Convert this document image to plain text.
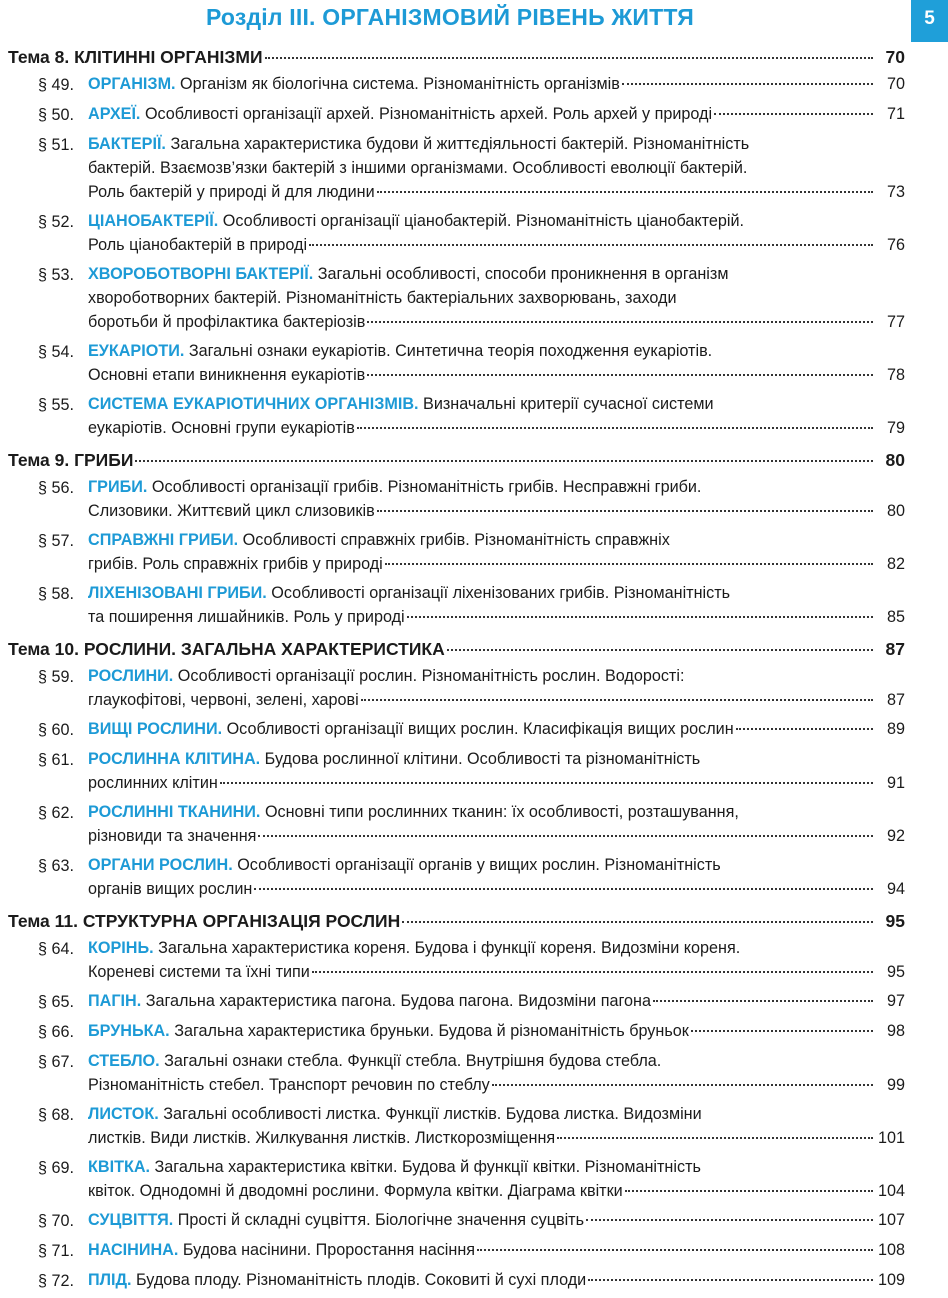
5
Розділ III. ОРГАНІЗМОВИЙ РІВЕНЬ ЖИТТЯ
Тема 8. КЛІТИННІ ОРГАНІЗМИ	70
§ 49. ОРГАНІЗМ. Організм як біологічна система. Різноманітність організмів	70
§ 50. АРХЕЇ. Особливості організації архей. Різноманітність архей. Роль архей у природі	71
§ 51. БАКТЕРІЇ. Загальна характеристика будови й життєдіяльності бактерій. Різноманітність
бактерій. Взаємозв’язки бактерій з іншими організмами. Особливості еволюції бактерій.
Роль бактерій у природі й для людини	73
§ 52. ЦІАНОБАКТЕРІЇ. Особливості організації ціанобактерій. Різноманітність ціанобактерій.
Роль ціанобактерій в природі	76
§ 53. ХВОРОБОТВОРНІ БАКТЕРІЇ. Загальні особливості, способи проникнення в організм
хвороботворних бактерій. Різноманітність бактеріальних захворювань, заходи
боротьби й профілактика бактеріозів	77
§ 54. ЕУКАРІОТИ. Загальні ознаки еукаріотів. Синтетична теорія походження еукаріотів.
Основні етапи виникнення еукаріотів	78
§ 55. СИСТЕМА ЕУКАРІОТИЧНИХ ОРГАНІЗМІВ. Визначальні критерії сучасної системи
еукаріотів. Основні групи еукаріотів	79
Тема 9. ГРИБИ	80
§ 56. ГРИБИ. Особливості організації грибів. Різноманітність грибів. Несправжні гриби.
Слизовики. Життєвий цикл слизовиків	80
§ 57. СПРАВЖНІ ГРИБИ. Особливості справжніх грибів. Різноманітність справжніх
грибів. Роль справжніх грибів у природі	82
§ 58. ЛІХЕНІЗОВАНІ ГРИБИ. Особливості організації ліхенізованих грибів. Різноманітність
та поширення лишайників. Роль у природі	85
Тема 10. РОСЛИНИ. ЗАГАЛЬНА ХАРАКТЕРИСТИКА	87
§ 59. РОСЛИНИ. Особливості організації рослин. Різноманітність рослин. Водорості:
глаукофітові, червоні, зелені, харові	87
§ 60. ВИЩІ РОСЛИНИ. Особливості організації вищих рослин. Класифікація вищих рослин	89
§ 61. РОСЛИННА КЛІТИНА. Будова рослинної клітини. Особливості та різноманітність
рослинних клітин	91
§ 62. РОСЛИННІ ТКАНИНИ. Основні типи рослинних тканин: їх особливості, розташування,
різновиди та значення	92
§ 63. ОРГАНИ РОСЛИН. Особливості організації органів у вищих рослин. Різноманітність
органів вищих рослин	94
Тема 11. СТРУКТУРНА ОРГАНІЗАЦІЯ РОСЛИН	95
§ 64. КОРІНЬ. Загальна характеристика кореня. Будова і функції кореня. Видозміни кореня.
Кореневі системи та їхні типи	95
§ 65. ПАГІН. Загальна характеристика пагона. Будова пагона. Видозміни пагона	97
§ 66. БРУНЬКА. Загальна характеристика бруньки. Будова й різноманітність бруньок	98
§ 67. СТЕБЛО. Загальні ознаки стебла. Функції стебла. Внутрішня будова стебла.
Різноманітність стебел. Транспорт речовин по стеблу	99
§ 68. ЛИСТОК. Загальні особливості листка. Функції листків. Будова листка. Видозміни
листків. Види листків. Жилкування листків. Листкорозміщення	101
§ 69. КВІТКА. Загальна характеристика квітки. Будова й функції квітки. Різноманітність
квіток. Однодомні й дводомні рослини. Формула квітки. Діаграма квітки	104
§ 70. СУЦВІТТЯ. Прості й складні суцвіття. Біологічне значення суцвіть	107
§ 71. НАСІНИНА. Будова насінини. Проростання насіння	108
§ 72. ПЛІД. Будова плоду. Різноманітність плодів. Соковиті й сухі плоди	109
